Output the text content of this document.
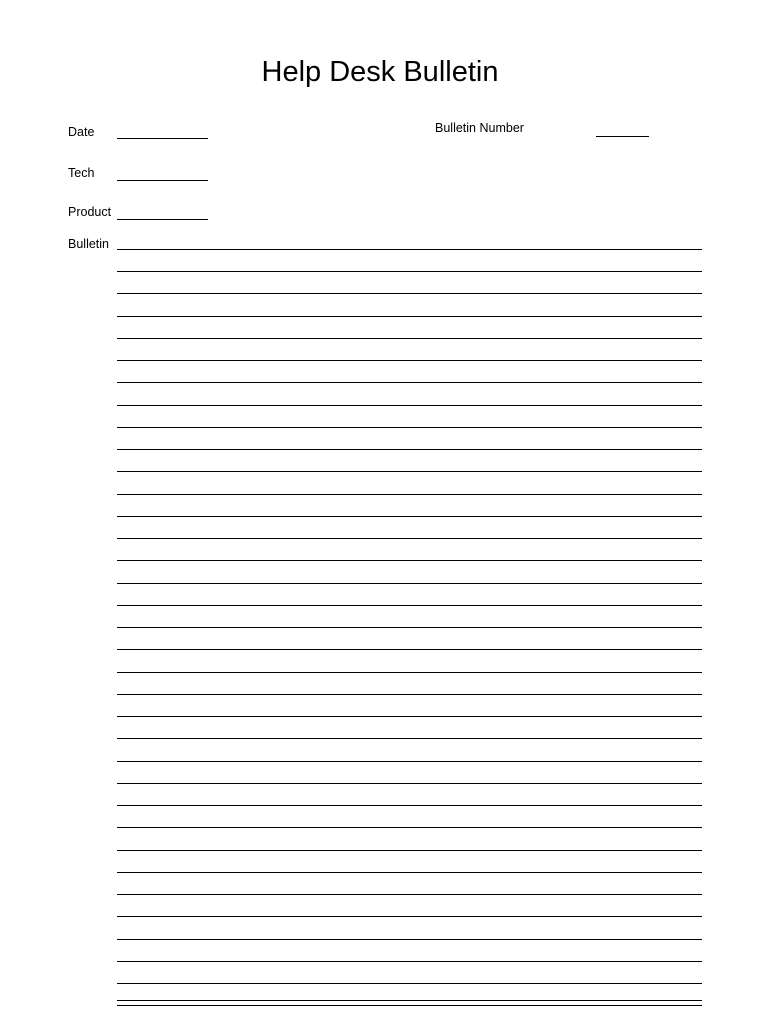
Help Desk Bulletin
Date	Bulletin Number
Tech
Product
Bulletin
